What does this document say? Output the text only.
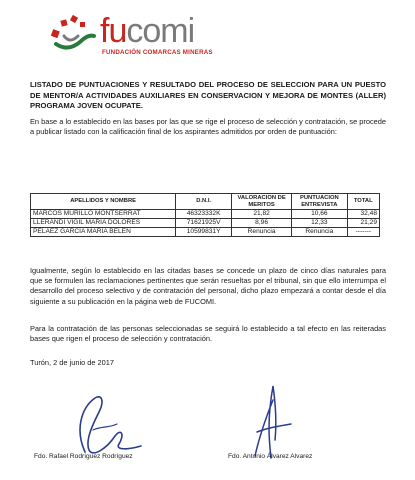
fucomi
FUNDACIÓN COMARCAS MINERAS
LISTADO DE PUNTUACIONES Y RESULTADO DEL PROCESO DE SELECCION PARA UN PUESTO DE MENTOR/A ACTIVIDADES AUXILIARES EN CONSERVACION Y MEJORA DE MONTES (ALLER) PROGRAMA JOVEN OCUPATE.
En base a lo establecido en las bases por las que se rige el proceso de selección y contratación, se procede a publicar listado con la calificación final de los aspirantes admitidos por orden de puntuación:
APELLIDOS Y NOMBRE	D.N.I.	VALORACION DE MERITOS	PUNTUACION ENTREVISTA	TOTAL
MARCOS MURILLO MONTSERRAT	46323332K	21,82	10,66	32,48
LLERANDI VIGIL MARIA DOLORES	71621925V	8,96	12,33	21,29
PELAEZ GARCIA MARIA BELEN	10599831Y	Renuncia	Renuncia	-------
Igualmente, según lo establecido en las citadas bases se concede un plazo de cinco días naturales para que se formulen las reclamaciones pertinentes que serán resueltas por el tribunal, sin que ello interrumpa el desarrollo del proceso selectivo y de contratación del personal, dicho plazo empezará a contar desde el día siguiente a su publicación en la página web de FUCOMI.
Para la contratación de las personas seleccionadas se seguirá lo establecido a tal efecto en las reiteradas bases que rigen el proceso de selección y contratación.
Turón, 2 de junio de 2017
Fdo. Rafael Rodríguez Rodríguez	Fdo. Antonio Álvarez Alvarez
